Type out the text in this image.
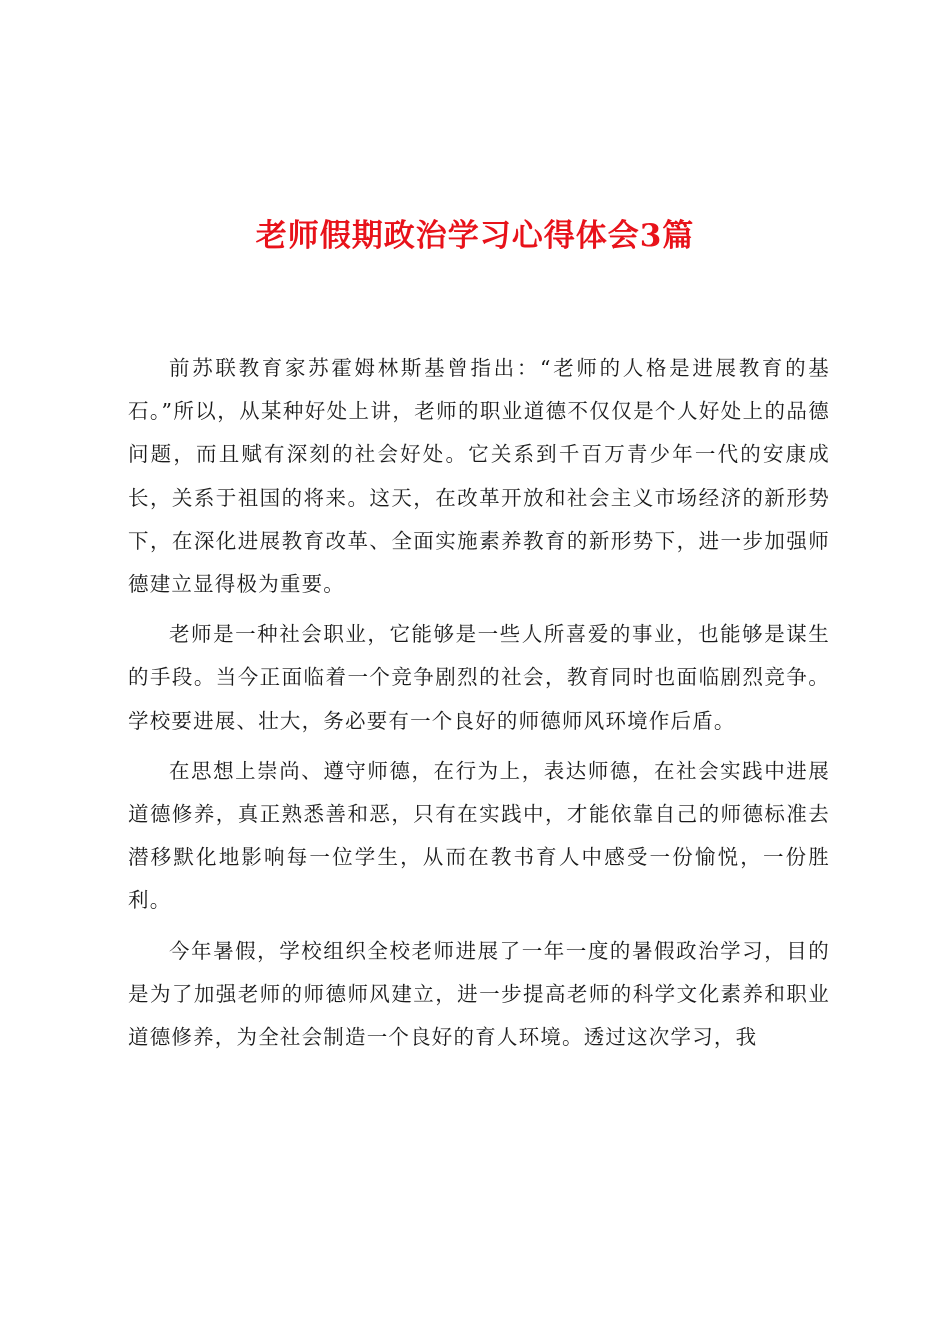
老师假期政治学习心得体会3篇

前苏联教育家苏霍姆林斯基曾指出：“老师的人格是进展教育的基石。”所以，从某种好处上讲，老师的职业道德不仅仅是个人好处上的品德问题，而且赋有深刻的社会好处。它关系到千百万青少年一代的安康成长，关系于祖国的将来。这天，在改革开放和社会主义市场经济的新形势下，在深化进展教育改革、全面实施素养教育的新形势下，进一步加强师德建立显得极为重要。

老师是一种社会职业，它能够是一些人所喜爱的事业，也能够是谋生的手段。当今正面临着一个竞争剧烈的社会，教育同时也面临剧烈竞争。学校要进展、壮大，务必要有一个良好的师德师风环境作后盾。

在思想上崇尚、遵守师德，在行为上，表达师德，在社会实践中进展道德修养，真正熟悉善和恶，只有在实践中，才能依靠自己的师德标准去潜移默化地影响每一位学生，从而在教书育人中感受一份愉悦，一份胜利。

今年暑假，学校组织全校老师进展了一年一度的暑假政治学习，目的是为了加强老师的师德师风建立，进一步提高老师的科学文化素养和职业道德修养，为全社会制造一个良好的育人环境。透过这次学习，我
